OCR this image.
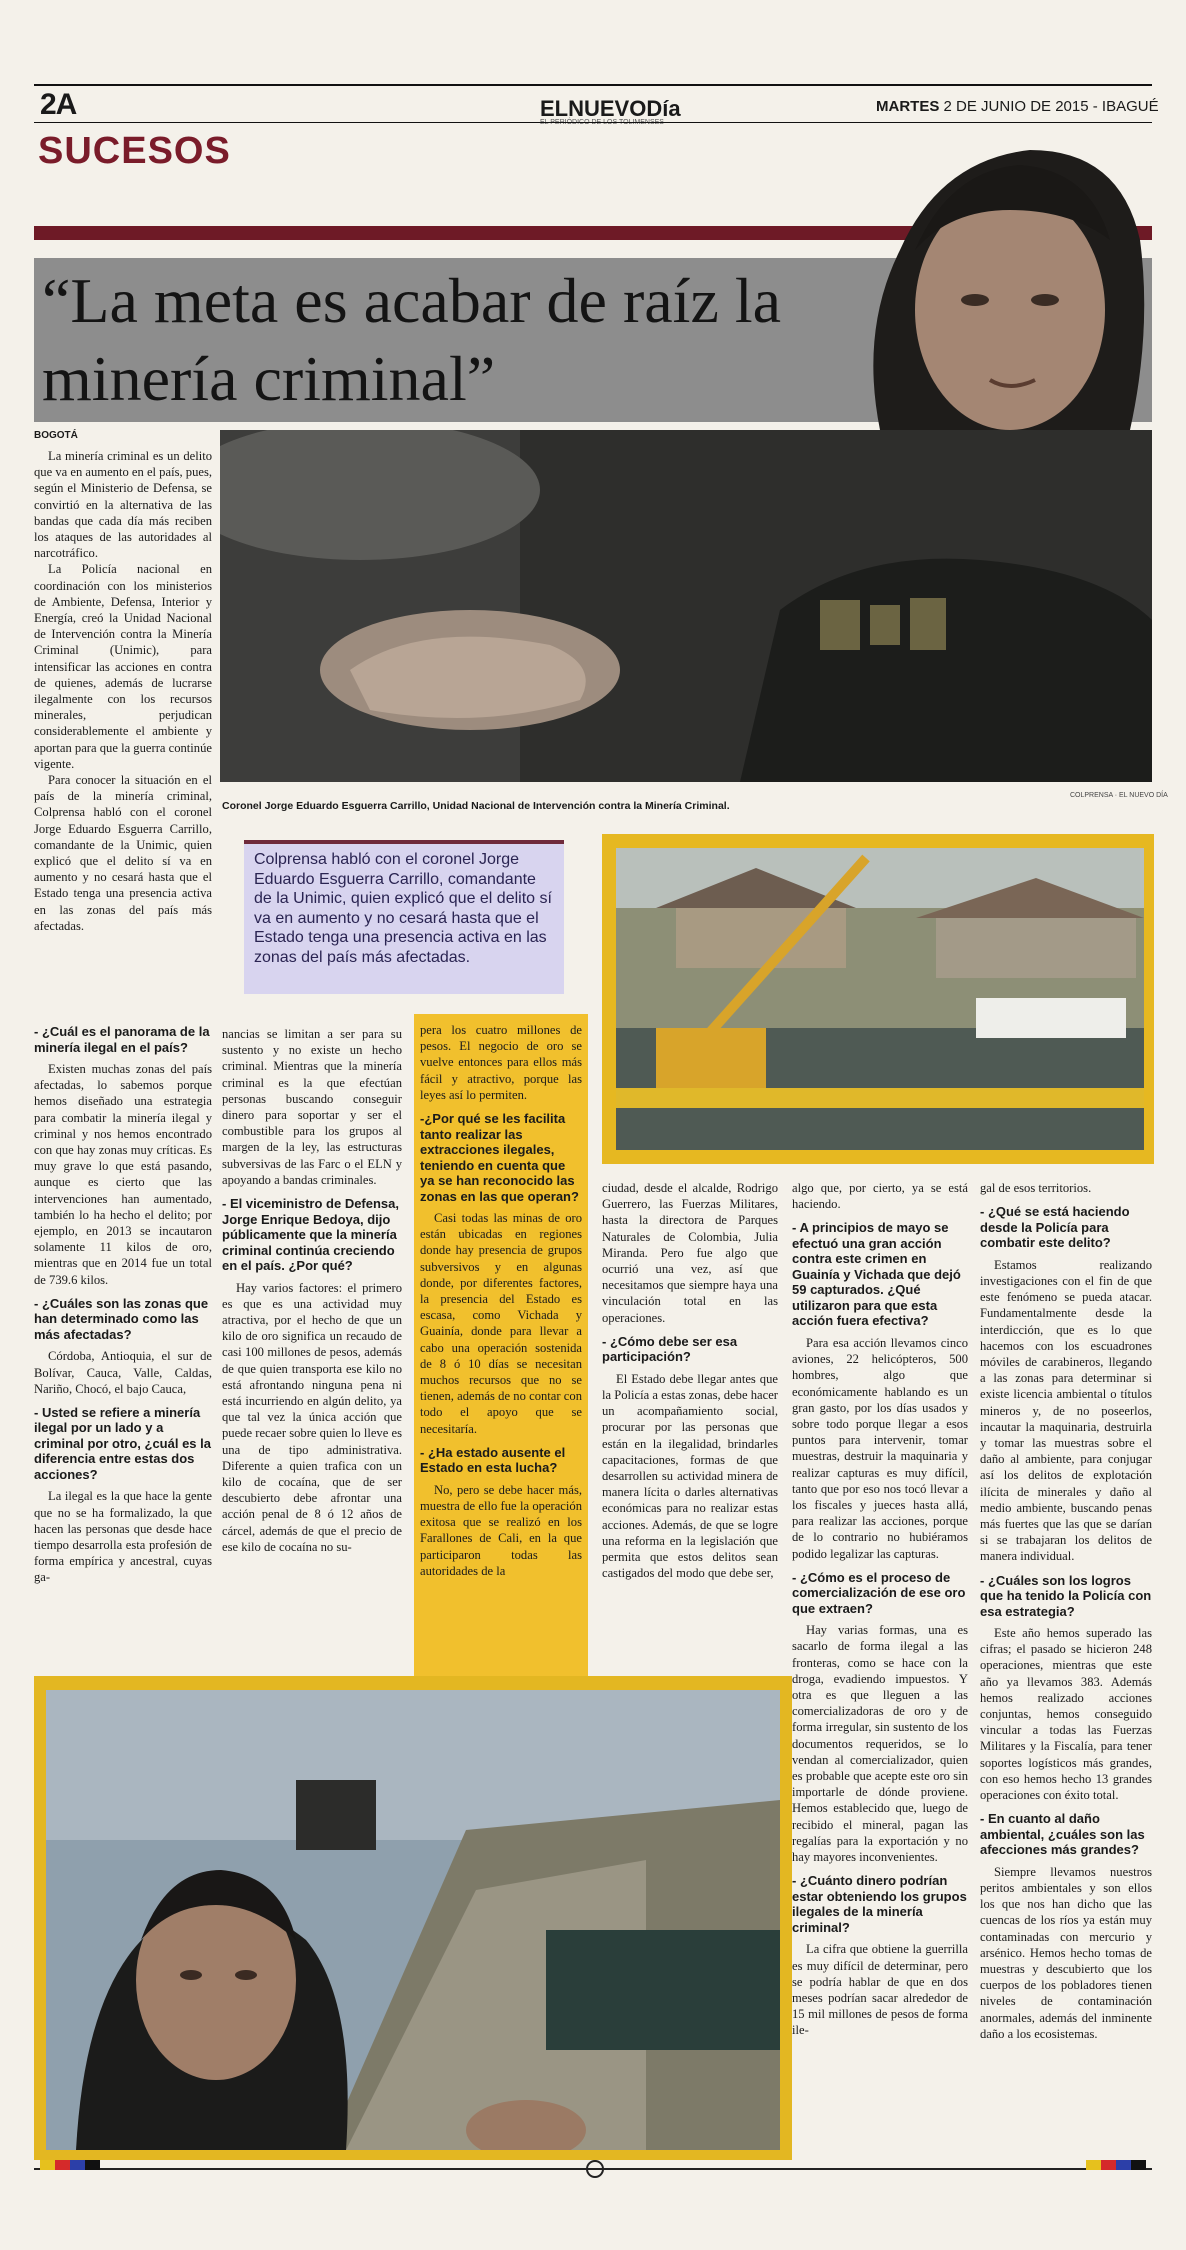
2A	ELNUEVODía	MARTES 2 DE JUNIO DE 2015 - IBAGUÉ
SUCESOS
“La meta es acabar de raíz la minería criminal”
BOGOTÁ
Coronel Jorge Eduardo Esguerra Carrillo, Unidad Nacional de Intervención contra la Minería Criminal.
COLPRENSA · EL NUEVO DÍA

La minería criminal es un delito que va en aumento en el país, pues, según el Ministerio de Defensa, se convirtió en la alternativa de las bandas que cada día más reciben los ataques de las autoridades al narcotráfico.

La Policía nacional en coordinación con los ministerios de Ambiente, Defensa, Interior y Energía, creó la Unidad Nacional de Intervención contra la Minería Criminal (Unimic), para intensificar las acciones en contra de quienes, además de lucrarse ilegalmente con los recursos minerales, perjudican considerablemente el ambiente y aportan para que la guerra continúe vigente.

Para conocer la situación en el país de la minería criminal, Colprensa habló con el coronel Jorge Eduardo Esguerra Carrillo, comandante de la Unimic, quien explicó que el delito sí va en aumento y no cesará hasta que el Estado tenga una presencia activa en las zonas del país más afectadas.

- ¿Cuál es el panorama de la minería ilegal en el país?

Existen muchas zonas del país afectadas, lo sabemos porque hemos diseñado una estrategia para combatir la minería ilegal y criminal y nos hemos encontrado con que hay zonas muy críticas. Es muy grave lo que está pasando, aunque es cierto que las intervenciones han aumentado, también lo ha hecho el delito; por ejemplo, en 2013 se incautaron solamente 11 kilos de oro, mientras que en 2014 fue un total de 739.6 kilos.

- ¿Cuáles son las zonas que han determinado como las más afectadas?

Córdoba, Antioquia, el sur de Bolívar, Cauca, Valle, Caldas, Nariño, Chocó, el bajo Cauca,

- Usted se refiere a minería ilegal por un lado y a criminal por otro, ¿cuál es la diferencia entre estas dos acciones?

La ilegal es la que hace la gente que no se ha formalizado, la que hacen las personas que desde hace tiempo desarrolla esta profesión de forma empírica y ancestral, cuyas ga-

Colprensa habló con el coronel Jorge Eduardo Esguerra Carrillo, comandante de la Unimic, quien explicó que el delito sí va en aumento y no cesará hasta que el Estado tenga una presencia activa en las zonas del país más afectadas.

nancias se limitan a ser para su sustento y no existe un hecho criminal. Mientras que la minería criminal es la que efectúan personas buscando conseguir dinero para soportar y ser el combustible para los grupos al margen de la ley, las estructuras subversivas de las Farc o el ELN y apoyando a bandas criminales.

- El viceministro de Defensa, Jorge Enrique Bedoya, dijo públicamente que la minería criminal continúa creciendo en el país. ¿Por qué?

Hay varios factores: el primero es que es una actividad muy atractiva, por el hecho de que un kilo de oro significa un recaudo de casi 100 millones de pesos, además de que quien transporta ese kilo no está afrontando ninguna pena ni está incurriendo en algún delito, ya que tal vez la única acción que puede recaer sobre quien lo lleve es una de tipo administrativa. Diferente a quien trafica con un kilo de cocaína, que de ser descubierto debe afrontar una acción penal de 8 ó 12 años de cárcel, además de que el precio de ese kilo de cocaína no su-

pera los cuatro millones de pesos. El negocio de oro se vuelve entonces para ellos más fácil y atractivo, porque las leyes así lo permiten.

-¿Por qué se les facilita tanto realizar las extracciones ilegales, teniendo en cuenta que ya se han reconocido las zonas en las que operan?

Casi todas las minas de oro están ubicadas en regiones donde hay presencia de grupos subversivos y en algunas donde, por diferentes factores, la presencia del Estado es escasa, como Vichada y Guainía, donde para llevar a cabo una operación sostenida de 8 ó 10 días se necesitan muchos recursos que no se tienen, además de no contar con todo el apoyo que se necesitaría.

- ¿Ha estado ausente el Estado en esta lucha?

No, pero se debe hacer más, muestra de ello fue la operación exitosa que se realizó en los Farallones de Cali, en la que participaron todas las autoridades de la

ciudad, desde el alcalde, Rodrigo Guerrero, las Fuerzas Militares, hasta la directora de Parques Naturales de Colombia, Julia Miranda. Pero fue algo que ocurrió una vez, así que necesitamos que siempre haya una vinculación total en las operaciones.

- ¿Cómo debe ser esa participación?

El Estado debe llegar antes que la Policía a estas zonas, debe hacer un acompañamiento social, procurar por las personas que están en la ilegalidad, brindarles capacitaciones, formas de que desarrollen su actividad minera de manera lícita o darles alternativas económicas para no realizar estas acciones. Además, de que se logre una reforma en la legislación que permita que estos delitos sean castigados del modo que debe ser,

algo que, por cierto, ya se está haciendo.

- A principios de mayo se efectuó una gran acción contra este crimen en Guainía y Vichada que dejó 59 capturados. ¿Qué utilizaron para que esta acción fuera efectiva?

Para esa acción llevamos cinco aviones, 22 helicópteros, 500 hombres, algo que económicamente hablando es un gran gasto, por los días usados y sobre todo porque llegar a esos puntos para intervenir, tomar muestras, destruir la maquinaria y realizar capturas es muy difícil, tanto que por eso nos tocó llevar a los fiscales y jueces hasta allá, para realizar las acciones, porque de lo contrario no hubiéramos podido legalizar las capturas.

- ¿Cómo es el proceso de comercialización de ese oro que extraen?

Hay varias formas, una es sacarlo de forma ilegal a las fronteras, como se hace con la droga, evadiendo impuestos. Y otra es que lleguen a las comercializadoras de oro y de forma irregular, sin sustento de los documentos requeridos, se lo vendan al comercializador, quien es probable que acepte este oro sin importarle de dónde proviene. Hemos establecido que, luego de recibido el mineral, pagan las regalías para la exportación y no hay mayores inconvenientes.

- ¿Cuánto dinero podrían estar obteniendo los grupos ilegales de la minería criminal?

La cifra que obtiene la guerrilla es muy difícil de determinar, pero se podría hablar de que en dos meses podrían sacar alrededor de 15 mil millones de pesos de forma ile-

gal de esos territorios.

- ¿Qué se está haciendo desde la Policía para combatir este delito?

Estamos realizando investigaciones con el fin de que este fenómeno se pueda atacar. Fundamentalmente desde la interdicción, que es lo que hacemos con los escuadrones móviles de carabineros, llegando a las zonas para determinar si existe licencia ambiental o títulos mineros y, de no poseerlos, incautar la maquinaria, destruirla y tomar las muestras sobre el daño al ambiente, para conjugar así los delitos de explotación ilícita de minerales y daño al medio ambiente, buscando penas más fuertes que las que se darían si se trabajaran los delitos de manera individual.

- ¿Cuáles son los logros que ha tenido la Policía con esa estrategia?

Este año hemos superado las cifras; el pasado se hicieron 248 operaciones, mientras que este año ya llevamos 383. Además hemos realizado acciones conjuntas, hemos conseguido vincular a todas las Fuerzas Militares y la Fiscalía, para tener soportes logísticos más grandes, con eso hemos hecho 13 grandes operaciones con éxito total.

- En cuanto al daño ambiental, ¿cuáles son las afecciones más grandes?

Siempre llevamos nuestros peritos ambientales y son ellos los que nos han dicho que las cuencas de los ríos ya están muy contaminadas con mercurio y arsénico. Hemos hecho tomas de muestras y descubierto que los cuerpos de los pobladores tienen niveles de contaminación anormales, además del inminente daño a los ecosistemas.
